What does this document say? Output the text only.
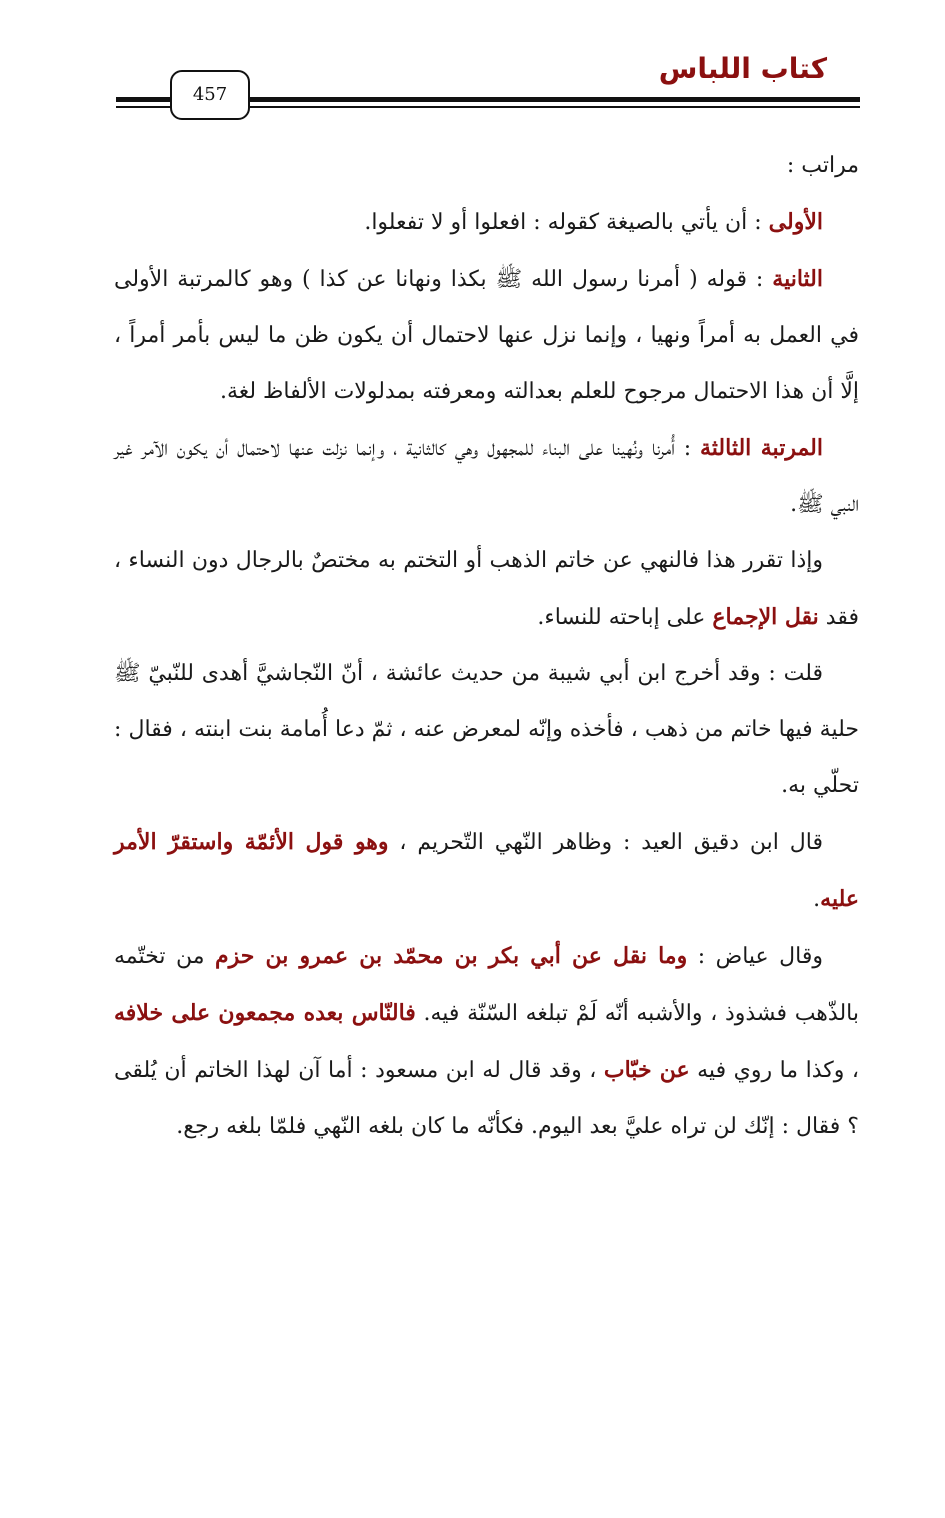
كتاب اللباس
457

مراتب :

الأولى : أن يأتي بالصيغة كقوله : افعلوا أو لا تفعلوا.

الثانية : قوله ( أمرنا رسول الله ﷺ بكذا ونهانا عن كذا ) وهو كالمرتبة الأولى في العمل به أمراً ونهيا ، وإنما نزل عنها لاحتمال أن يكون ظن ما ليس بأمر أمراً ، إلَّا أن هذا الاحتمال مرجوح للعلم بعدالته ومعرفته بمدلولات الألفاظ لغة.

المرتبة الثالثة : أُمرنا ونُهينا على البناء للمجهول وهي كالثانية ، وإنما نزلت عنها لاحتمال أن يكون الآمر غير النبي ﷺ.

وإذا تقرر هذا فالنهي عن خاتم الذهب أو التختم به مختصٌ بالرجال دون النساء ، فقد نقل الإجماع على إباحته للنساء.

قلت : وقد أخرج ابن أبي شيبة من حديث عائشة ، أنّ النّجاشيَّ أهدى للنّبيّ ﷺ حلية فيها خاتم من ذهب ، فأخذه وإنّه لمعرض عنه ، ثمّ دعا أُمامة بنت ابنته ، فقال : تحلّي به.

قال ابن دقيق العيد : وظاهر النّهي التّحريم ، وهو قول الأئمّة واستقرّ الأمر عليه.

وقال عياض : وما نقل عن أبي بكر بن محمّد بن عمرو بن حزم من تختّمه بالذّهب فشذوذ ، والأشبه أنّه لَمْ تبلغه السّنّة فيه. فالنّاس بعده مجمعون على خلافه ، وكذا ما روي فيه عن خبّاب ، وقد قال له ابن مسعود : أما آن لهذا الخاتم أن يُلقى ؟ فقال : إنّك لن تراه عليَّ بعد اليوم. فكأنّه ما كان بلغه النّهي فلمّا بلغه رجع.
